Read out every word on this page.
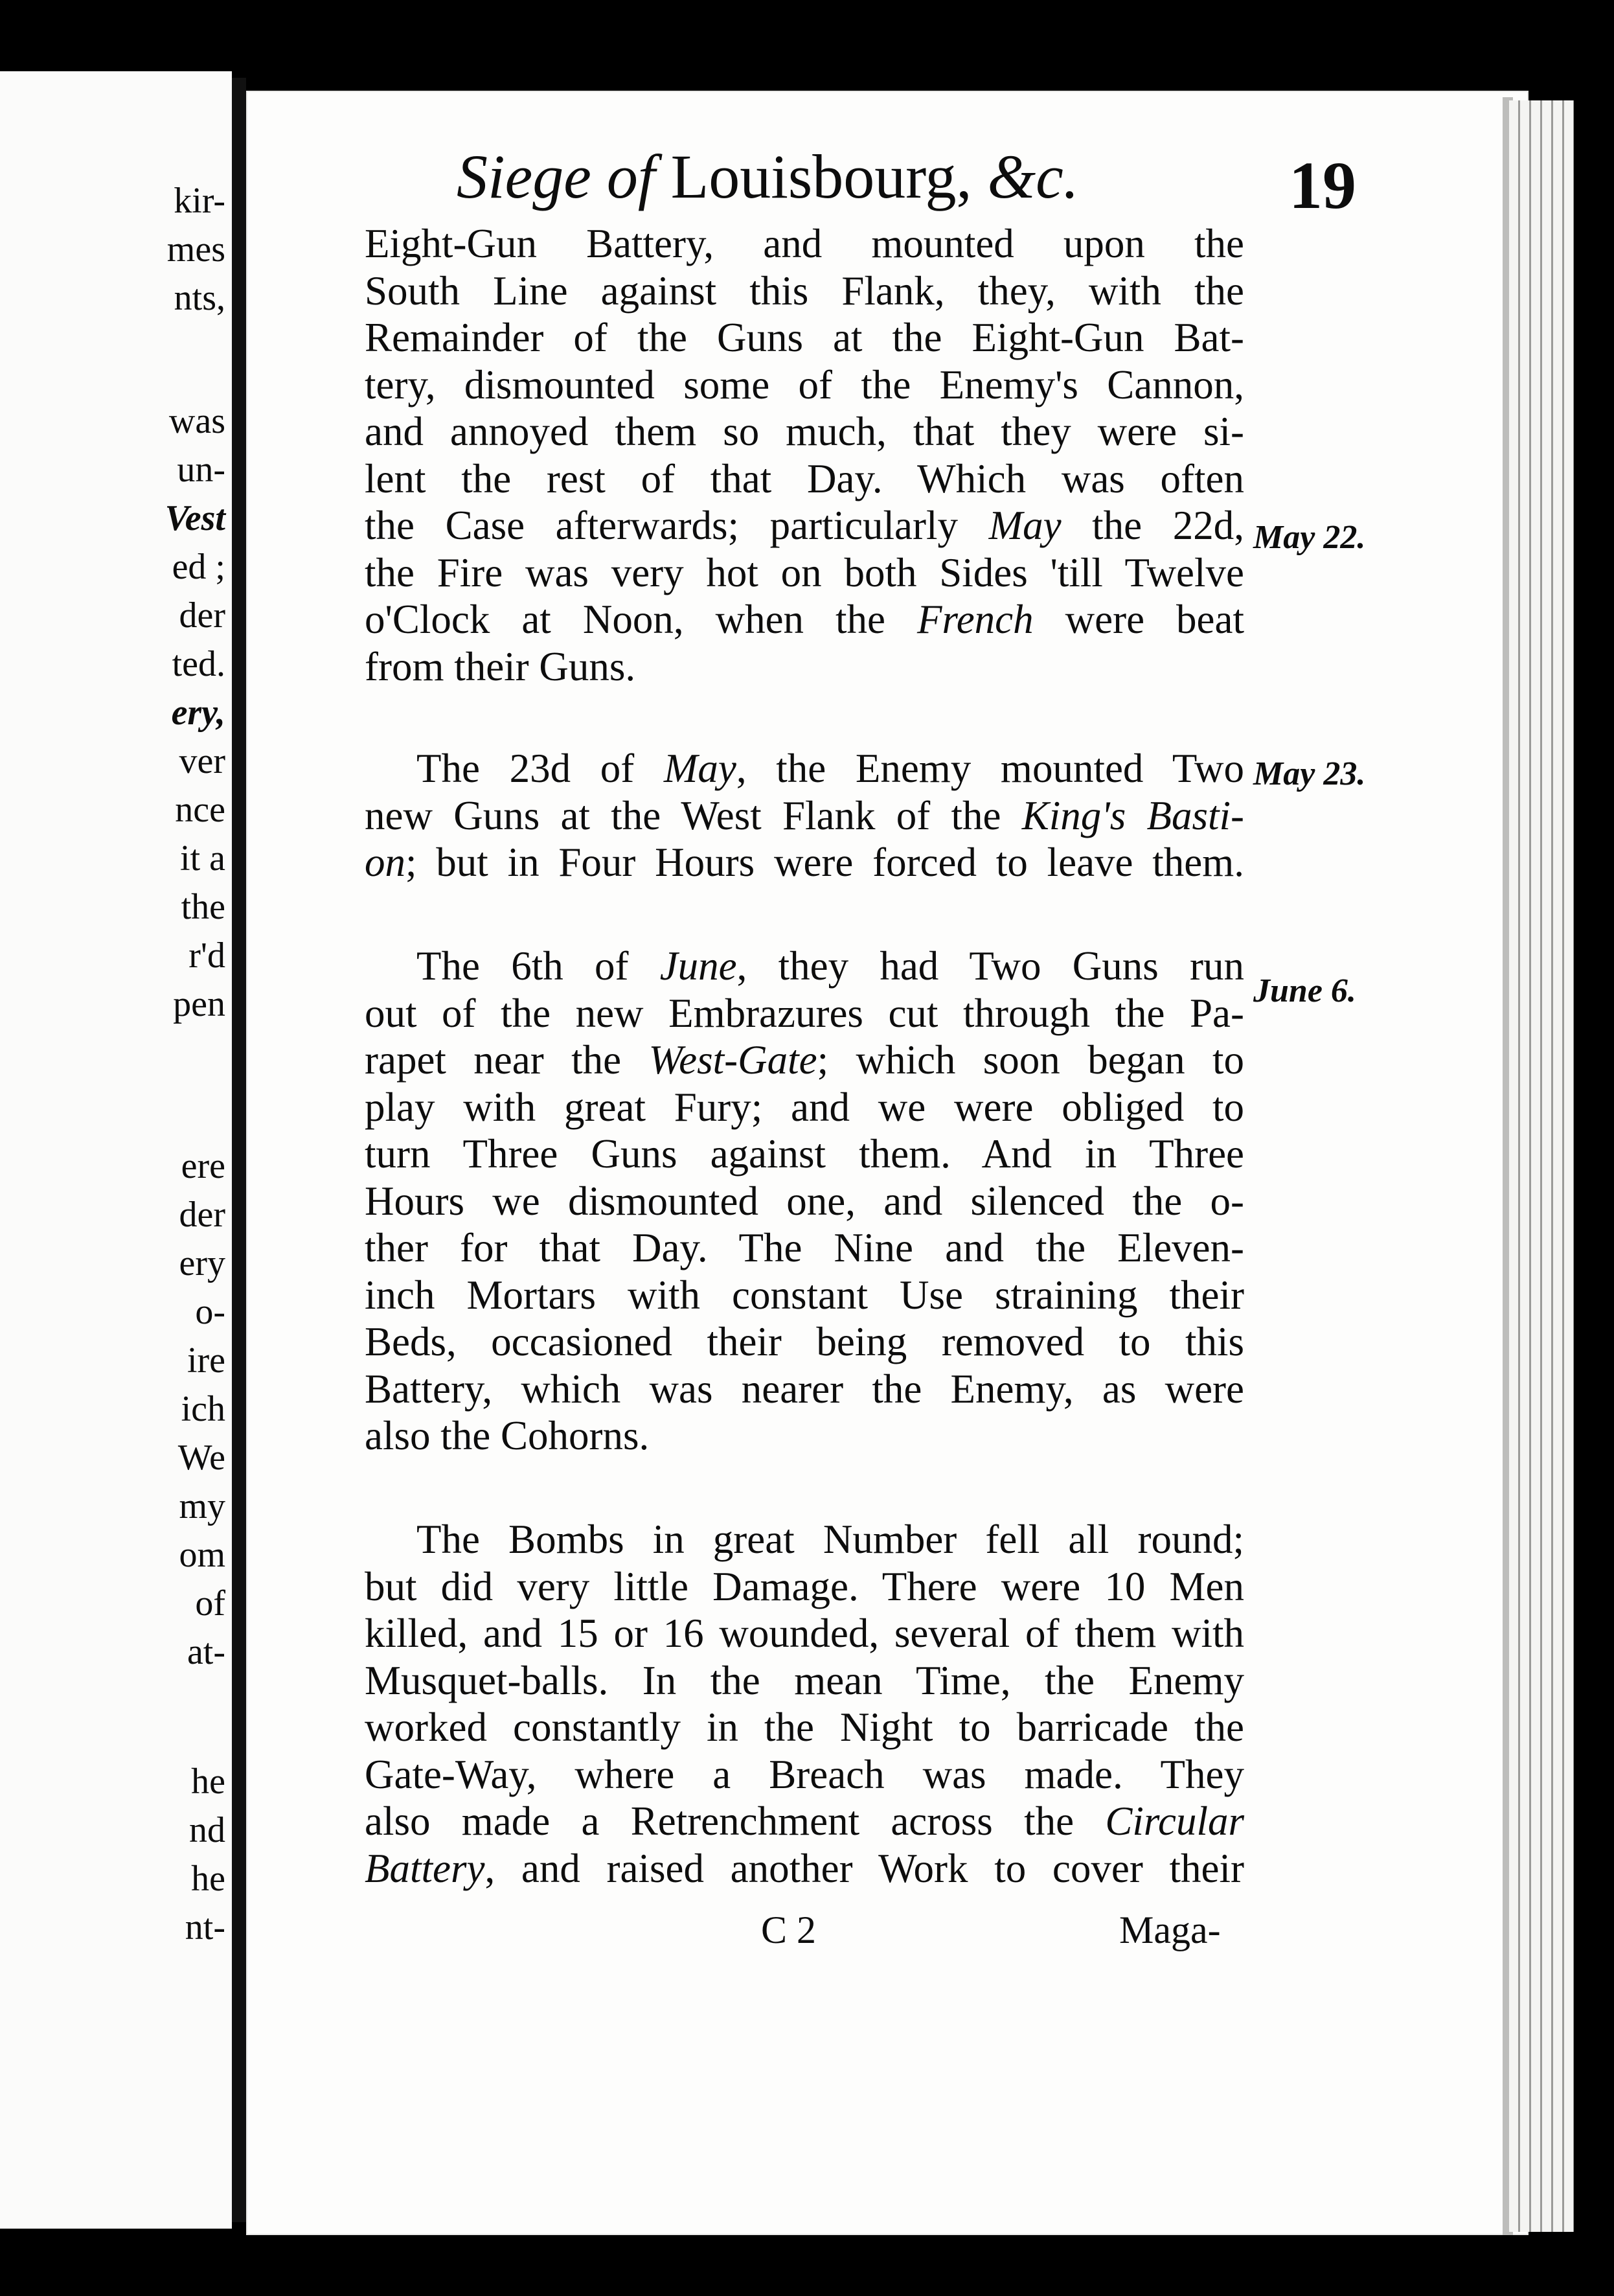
kir-
mes
nts,
was
un-
Vest
ed ;
der
ted.
ery,
ver
nce
it a
the
r'd
pen
ere
der
ery
o-
ire
ich
We
my
om
of
at-
he
nd
he
nt-
Siege of Louisbourg, &c.	19
Eight-Gun Battery, and mounted upon the
South Line against this Flank, they, with the
Remainder of the Guns at the Eight-Gun Bat-
tery, dismounted some of the Enemy's Cannon,
and annoyed them so much, that they were si-
lent the rest of that Day. Which was often
the Case afterwards; particularly May the 22d,
the Fire was very hot on both Sides 'till Twelve
o'Clock at Noon, when the French were beat
from their Guns.
The 23d of May, the Enemy mounted Two
new Guns at the West Flank of the King's Basti-
on; but in Four Hours were forced to leave them.
The 6th of June, they had Two Guns run
out of the new Embrazures cut through the Pa-
rapet near the West-Gate; which soon began to
play with great Fury; and we were obliged to
turn Three Guns against them. And in Three
Hours we dismounted one, and silenced the o-
ther for that Day. The Nine and the Eleven-
inch Mortars with constant Use straining their
Beds, occasioned their being removed to this
Battery, which was nearer the Enemy, as were
also the Cohorns.
The Bombs in great Number fell all round;
but did very little Damage. There were 10 Men
killed, and 15 or 16 wounded, several of them with
Musquet-balls. In the mean Time, the Enemy
worked constantly in the Night to barricade the
Gate-Way, where a Breach was made. They
also made a Retrenchment across the Circular
Battery, and raised another Work to cover their
May 22.
May 23.
June 6.
C 2	Maga-
